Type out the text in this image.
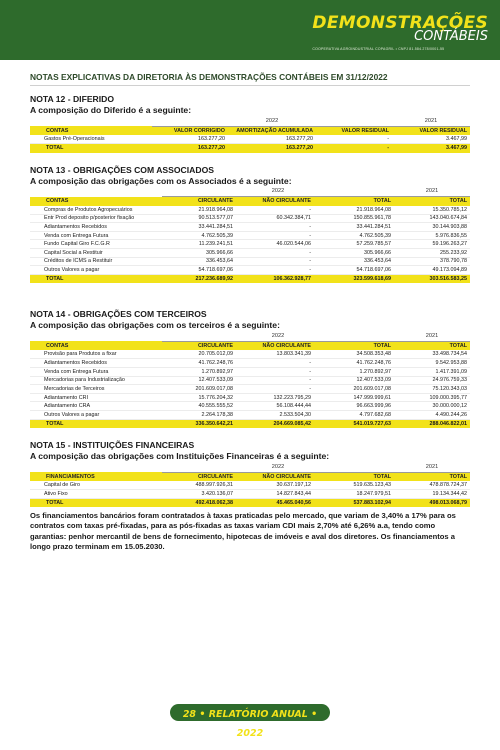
DEMONSTRAÇÕES
CONTÁBEIS
COOPERATIVA AGROINDUSTRIAL COPAGRIL • CNPJ 81.584.278/0001-55
NOTAS EXPLICATIVAS DA DIRETORIA ÀS DEMONSTRAÇÕES CONTÁBEIS EM 31/12/2022
NOTA 12 - DIFERIDO
A composição do Diferido é a seguinte:
	2022			2021
CONTAS	VALOR CORRIGIDO	AMORTIZAÇÃO ACUMULADA	VALOR RESIDUAL	VALOR RESIDUAL
Gastos Pré-Operacionais	163.277,20	163.277,20	-	3.467,99
TOTAL	163.277,20	163.277,20	-	3.467,99
NOTA 13 - OBRIGAÇÕES COM ASSOCIADOS
A composição das obrigações com os Associados é a seguinte:
	2022			2021
CONTAS	CIRCULANTE	NÃO CIRCULANTE	TOTAL	TOTAL
Compras de Produtos Agropecuários	21.918.964,08	-	21.918.964,08	15.350.785,12
Entr Prod deposito p/posterior fixação	90.513.577,07	60.342.384,71	150.855.961,78	143.040.674,84
Adiantamentos Recebidos	33.441.284,51	-	33.441.284,51	30.144.903,88
Venda com Entrega Futura	4.762.505,39	-	4.762.505,39	5.976.836,55
Fundo Capital Giro F.C.G.R	11.239.241,51	46.020.544,06	57.259.785,57	59.196.263,27
Capital Social a Restituir	305.966,66	-	305.966,66	255.233,92
Créditos de ICMS a Restituir	336.453,64	-	336.453,64	378.790,78
Outros Valores a pagar	54.718.697,06	-	54.718.697,06	49.173.094,89
TOTAL	217.236.689,92	106.362.928,77	323.599.618,69	303.516.583,25
NOTA 14 - OBRIGAÇÕES COM TERCEIROS
A composição das obrigações com os terceiros é a seguinte:
	2022			2021
CONTAS	CIRCULANTE	NÃO CIRCULANTE	TOTAL	TOTAL
Provisão para Produtos a fixar	20.705.012,09	13.803.341,39	34.508.353,48	33.498.734,54
Adiantamentos Recebidos	41.762.248,76	-	41.762.248,76	9.542.953,88
Venda com Entrega Futura	1.270.892,97	-	1.270.892,97	1.417.391,09
Mercadorias para Industrialização	12.407.533,09	-	12.407.533,09	24.976.759,33
Mercadorias de Terceiros	201.609.017,08	-	201.609.017,08	75.120.343,03
Adiantamento CRI	15.776.204,32	132.223.795,29	147.999.999,61	109.000.395,77
Adiantamento CRA	40.555.555,52	56.108.444,44	96.663.999,96	30.000.000,12
Outros Valores a pagar	2.264.178,38	2.533.504,30	4.797.682,68	4.490.244,26
TOTAL	336.350.642,21	204.669.085,42	541.019.727,63	288.046.822,01
NOTA 15 - INSTITUIÇÕES FINANCEIRAS
A composição das obrigações com Instituições Financeiras é a seguinte:
	2022			2021
FINANCIAMENTOS	CIRCULANTE	NÃO CIRCULANTE	TOTAL	TOTAL
Capital de Giro	488.997.926,31	30.637.197,12	519.635.123,43	478.878.724,37
Ativo Fixo	3.420.136,07	14.827.843,44	18.247.979,51	19.134.344,42
TOTAL	492.418.062,38	45.465.040,56	537.883.102,94	498.013.068,79
Os financiamentos bancários foram contratados à taxas praticadas pelo mercado, que variam de 3,40% a 17% para os contratos com taxas pré-fixadas, para as pós-fixadas as taxas variam CDI mais 2,70% até 6,26% a.a, tendo como garantias: penhor mercantil de bens de fornecimento, hipotecas de imóveis e aval dos diretores. Os financiamentos a longo prazo terminam em 15.05.2030.
28 • RELATÓRIO ANUAL • 2022
